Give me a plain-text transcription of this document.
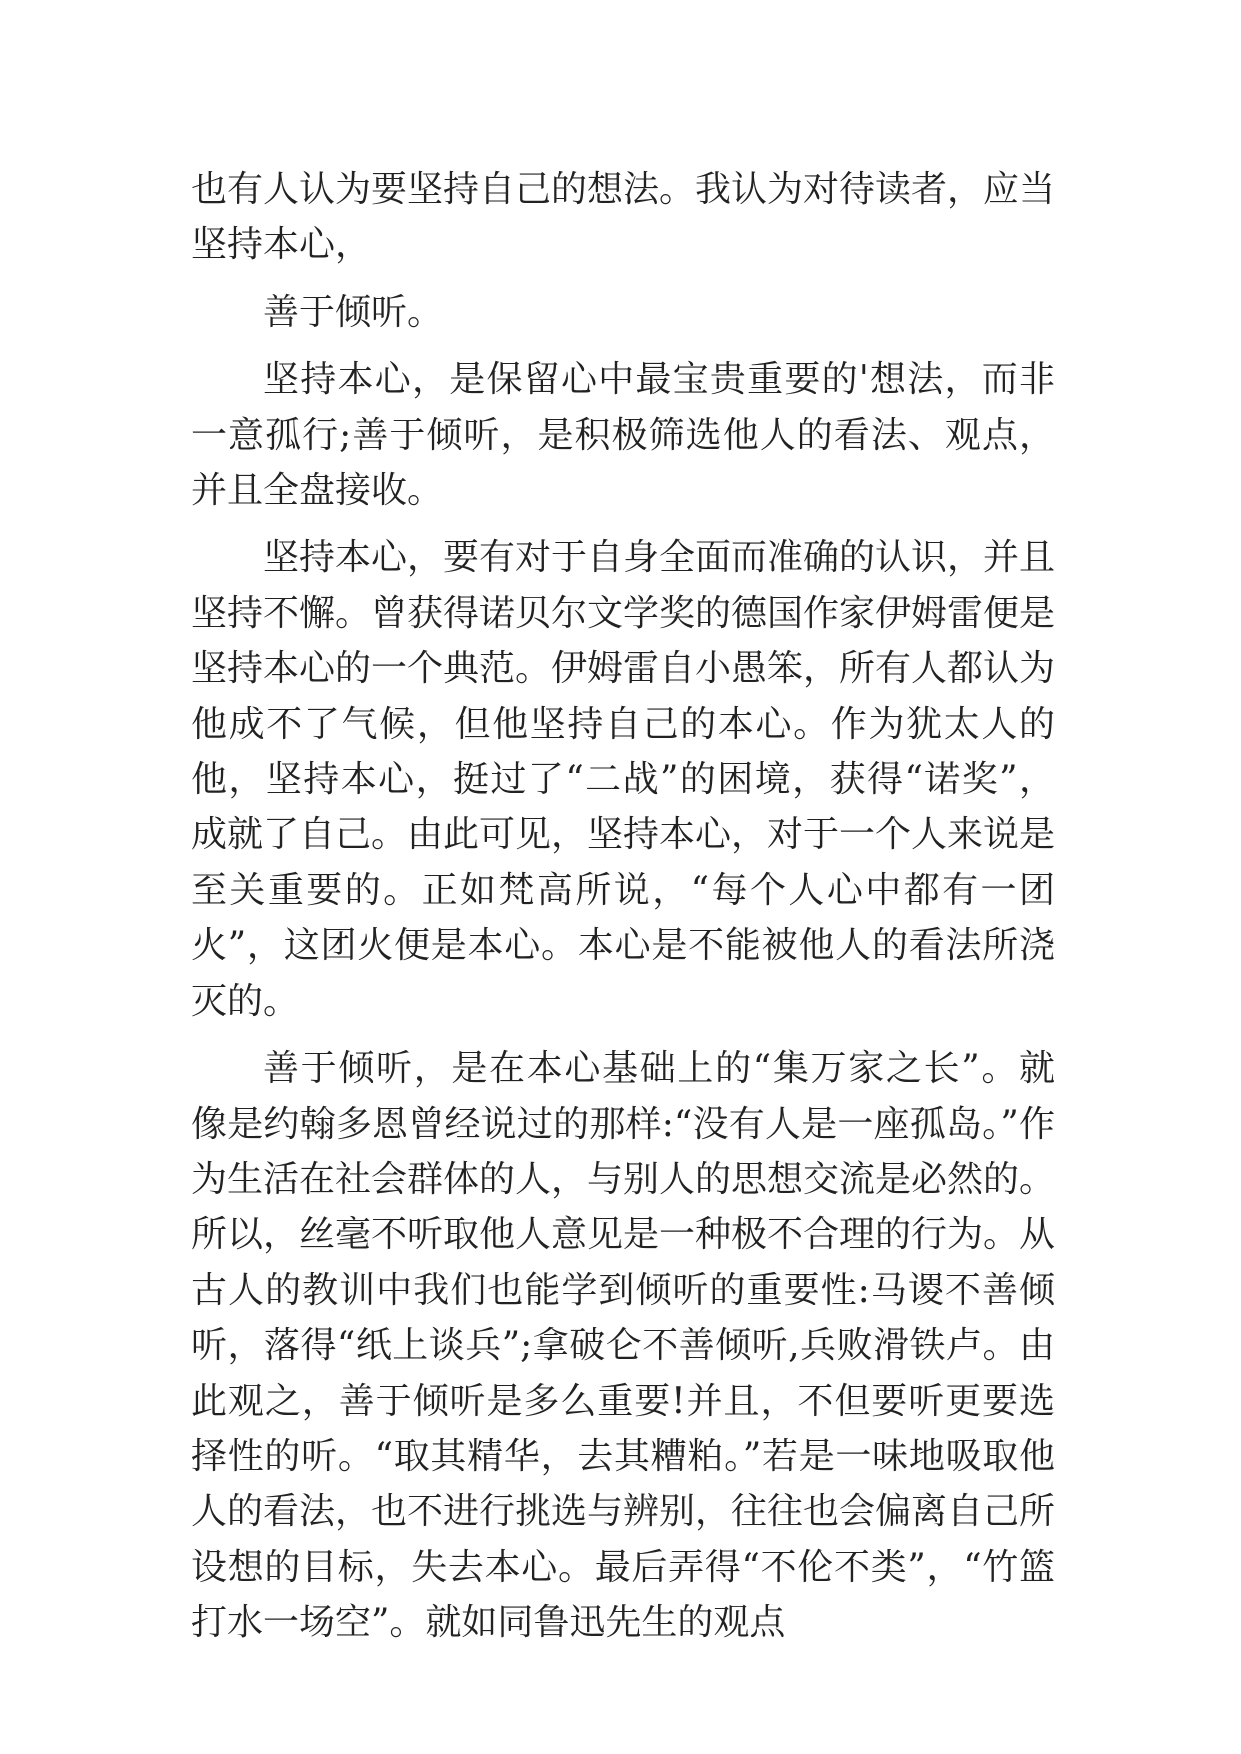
也有人认为要坚持自己的想法。我认为对待读者，应当坚持本心，

善于倾听。

坚持本心，是保留心中最宝贵重要的'想法，而非一意孤行;善于倾听，是积极筛选他人的看法、观点，并且全盘接收。

坚持本心，要有对于自身全面而准确的认识，并且坚持不懈。曾获得诺贝尔文学奖的德国作家伊姆雷便是坚持本心的一个典范。伊姆雷自小愚笨，所有人都认为他成不了气候，但他坚持自己的本心。作为犹太人的他，坚持本心，挺过了“二战”的困境，获得“诺奖”，成就了自己。由此可见，坚持本心，对于一个人来说是至关重要的。正如梵高所说，“每个人心中都有一团火”，这团火便是本心。本心是不能被他人的看法所浇灭的。

善于倾听，是在本心基础上的“集万家之长”。就像是约翰多恩曾经说过的那样:“没有人是一座孤岛。”作为生活在社会群体的人，与别人的思想交流是必然的。所以，丝毫不听取他人意见是一种极不合理的行为。从古人的教训中我们也能学到倾听的重要性:马谡不善倾听，落得“纸上谈兵”;拿破仑不善倾听,兵败滑铁卢。由此观之，善于倾听是多么重要!并且，不但要听更要选择性的听。“取其精华，去其糟粕。”若是一味地吸取他人的看法，也不进行挑选与辨别，往往也会偏离自己所设想的目标，失去本心。最后弄得“不伦不类”，“竹篮打水一场空”。就如同鲁迅先生的观点
